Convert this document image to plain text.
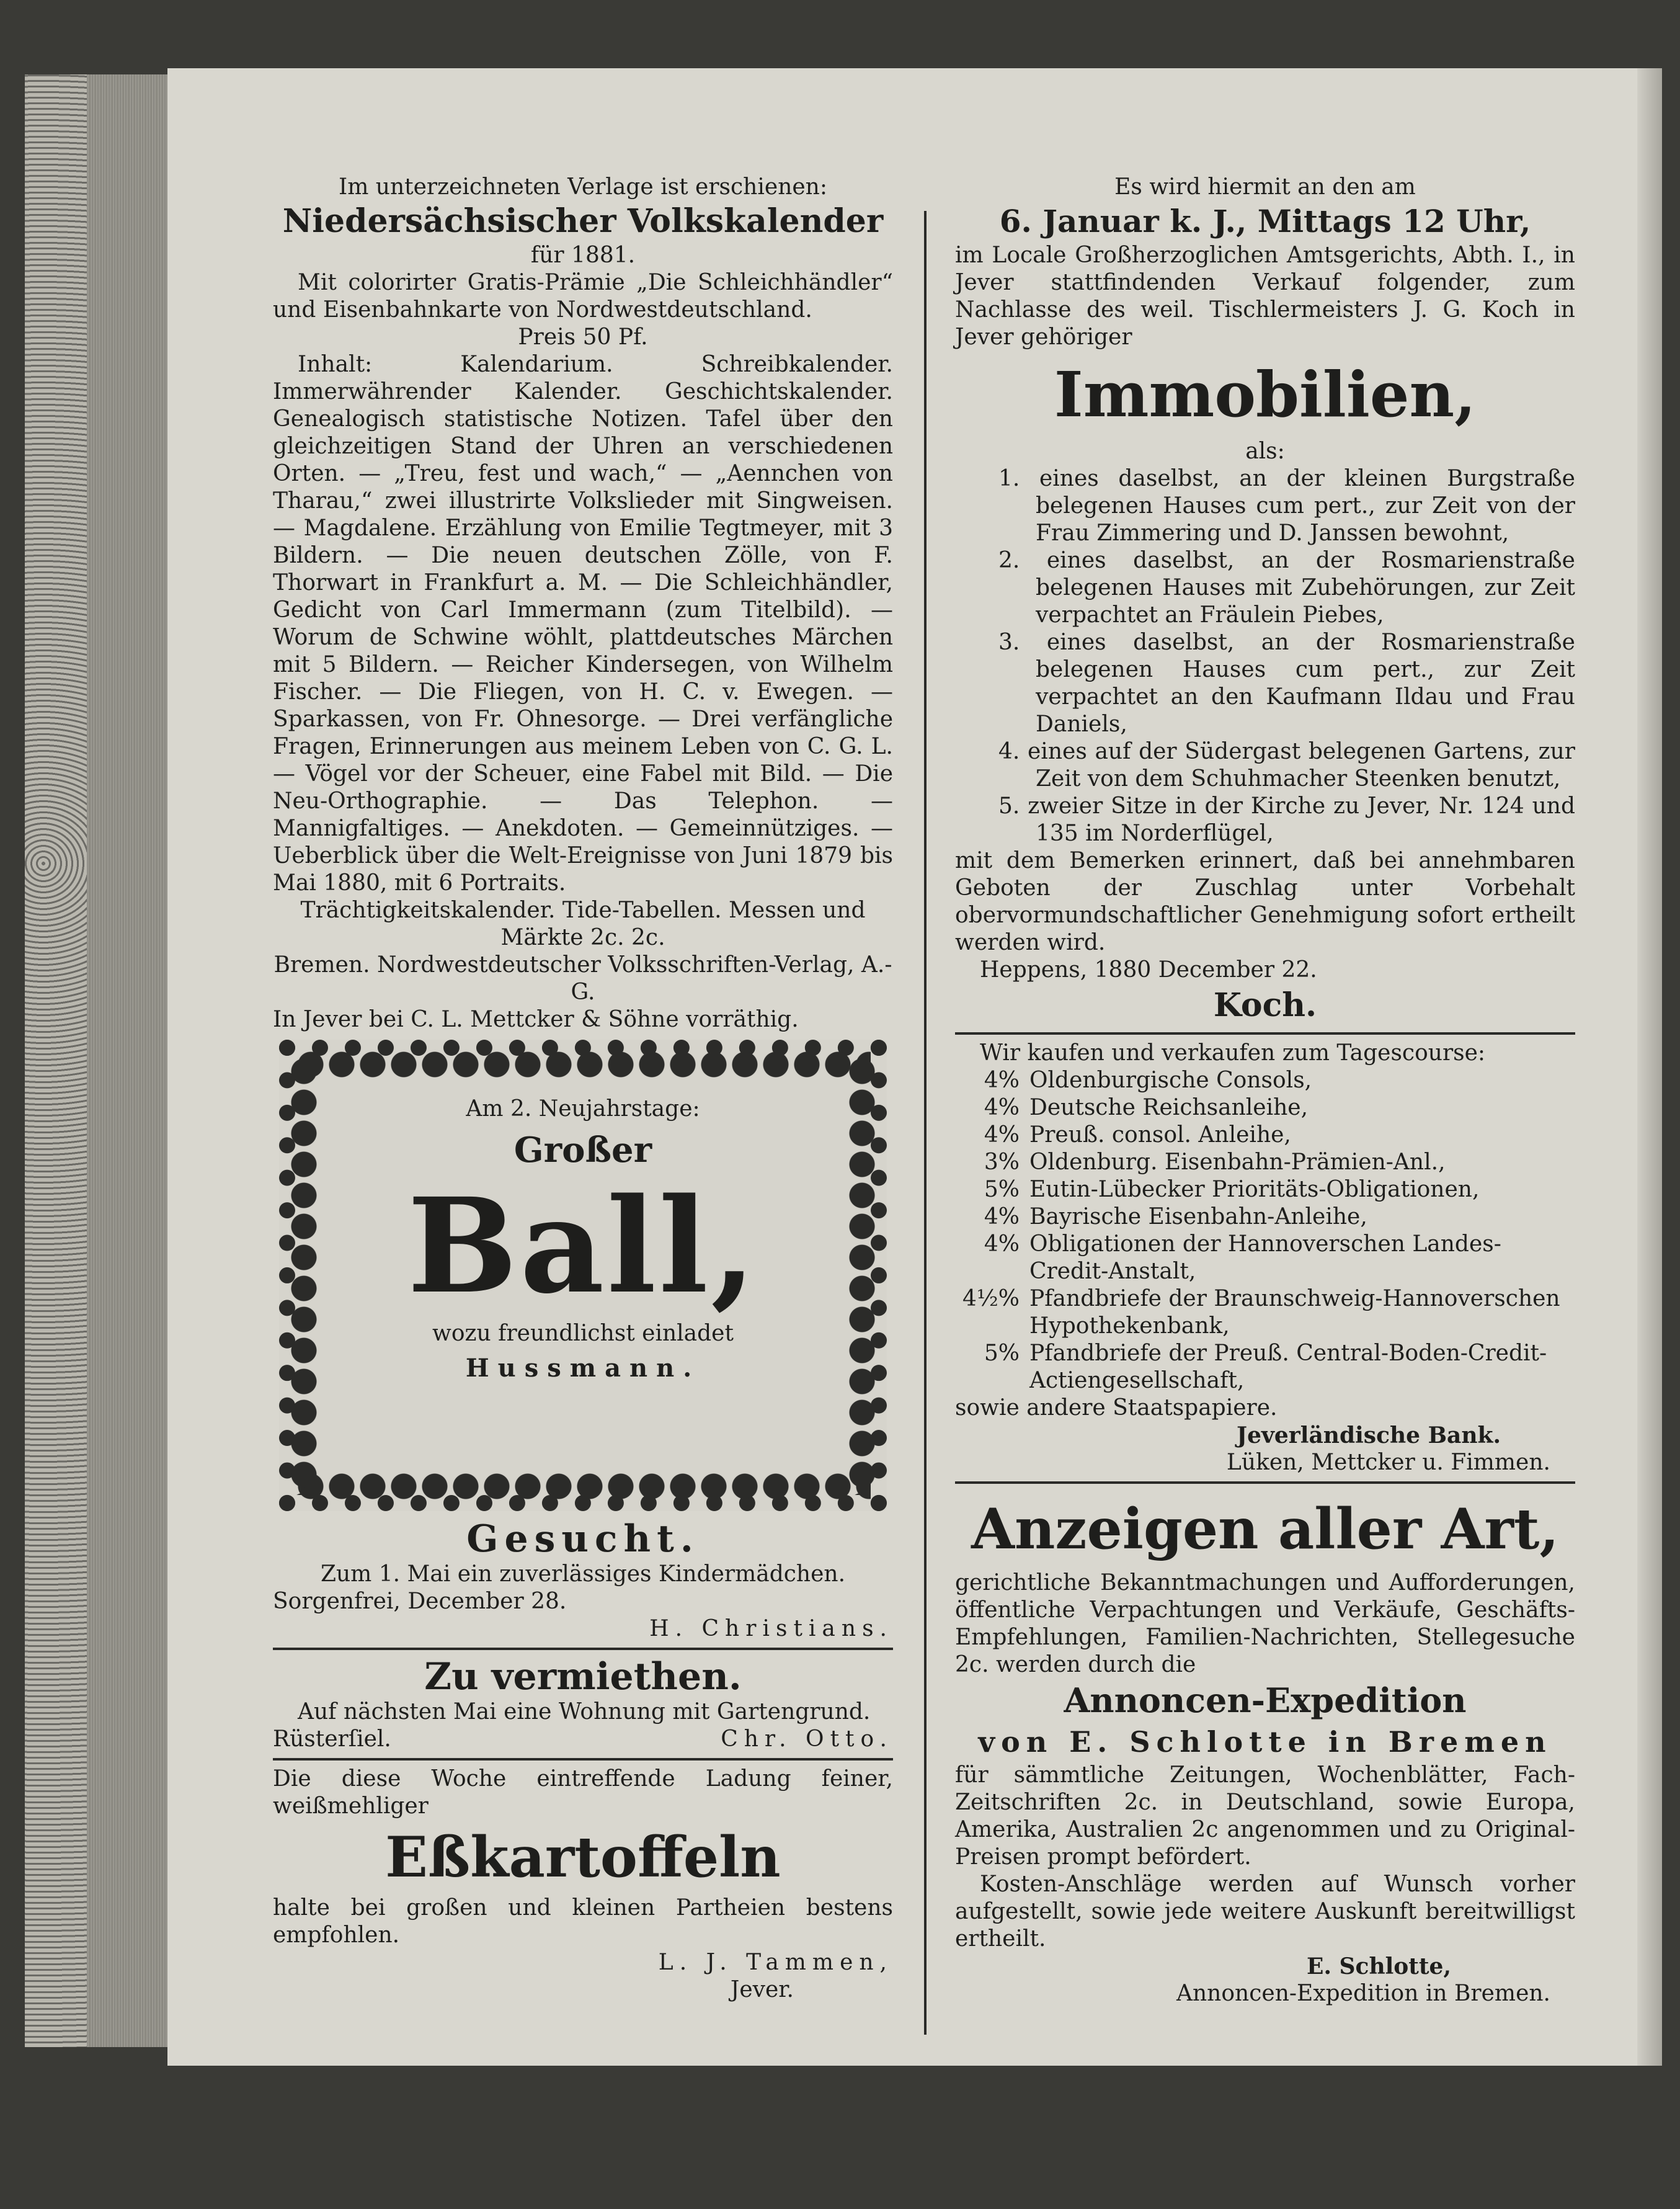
Im unterzeichneten Verlage ist erschienen:
Niedersächsischer Volkskalender
für 1881.
Mit colorirter Gratis-Prämie „Die Schleichhändler“ und Eisenbahnkarte von Nordwestdeutschland.
Preis 50 Pf.
Inhalt: Kalendarium. Schreibkalender. Immerwährender Kalender. Geschichtskalender. Genealogisch statistische Notizen. Tafel über den gleichzeitigen Stand der Uhren an verschiedenen Orten. — „Treu, fest und wach,“ — „Aennchen von Tharau,“ zwei illustrirte Volkslieder mit Singweisen. — Magdalene. Erzählung von Emilie Tegtmeyer, mit 3 Bildern. — Die neuen deutschen Zölle, von F. Thorwart in Frankfurt a. M. — Die Schleichhändler, Gedicht von Carl Immermann (zum Titelbild). — Worum de Schwine wöhlt, plattdeutsches Märchen mit 5 Bildern. — Reicher Kindersegen, von Wilhelm Fischer. — Die Fliegen, von H. C. v. Ewegen. — Sparkassen, von Fr. Ohnesorge. — Drei verfängliche Fragen, Erinnerungen aus meinem Leben von C. G. L. — Vögel vor der Scheuer, eine Fabel mit Bild. — Die Neu-Orthographie. — Das Telephon. — Mannigfaltiges. — Anekdoten. — Gemeinnütziges. — Ueberblick über die Welt-Ereignisse von Juni 1879 bis Mai 1880, mit 6 Portraits.
Trächtigkeitskalender. Tide-Tabellen. Messen und Märkte 2c. 2c.
Bremen. Nordwestdeutscher Volksschriften-Verlag, A.-G.
In Jever bei C. L. Mettcker & Söhne vorräthig.
Am 2. Neujahrstage:
Großer
Ball,
wozu freundlichst einladet
Hussmann.
Gesucht.
Zum 1. Mai ein zuverlässiges Kindermädchen.
Sorgenfrei, December 28.
H. Christians.
Zu vermiethen.
Auf nächsten Mai eine Wohnung mit Gartengrund.
Rüsterſiel.	Chr. Otto.
Die diese Woche eintreffende Ladung feiner, weißmehliger
Eßkartoffeln
halte bei großen und kleinen Partheien bestens empfohlen.
L. J. Tammen,
Jever.
Es wird hiermit an den am
6. Januar k. J., Mittags 12 Uhr,
im Locale Großherzoglichen Amtsgerichts, Abth. I., in Jever stattfindenden Verkauf folgender, zum Nachlasse des weil. Tischlermeisters J. G. Koch in Jever gehöriger
Immobilien,
als:
1. eines daselbst, an der kleinen Burgstraße belegenen Hauses cum pert., zur Zeit von der Frau Zimmering und D. Janssen bewohnt,
2. eines daselbst, an der Rosmarienstraße belegenen Hauses mit Zubehörungen, zur Zeit verpachtet an Fräulein Piebes,
3. eines daselbst, an der Rosmarienstraße belegenen Hauses cum pert., zur Zeit verpachtet an den Kaufmann Ildau und Frau Daniels,
4. eines auf der Südergast belegenen Gartens, zur Zeit von dem Schuhmacher Steenken benutzt,
5. zweier Sitze in der Kirche zu Jever, Nr. 124 und 135 im Norderflügel,
mit dem Bemerken erinnert, daß bei annehmbaren Geboten der Zuschlag unter Vorbehalt obervormundschaftlicher Genehmigung sofort ertheilt werden wird.
Heppens, 1880 December 22.
Koch.
Wir kaufen und verkaufen zum Tagescourse:
4% Oldenburgische Consols,
4% Deutsche Reichsanleihe,
4% Preuß. consol. Anleihe,
3% Oldenburg. Eisenbahn-Prämien-Anl.,
5% Eutin-Lübecker Prioritäts-Obligationen,
4% Bayrische Eisenbahn-Anleihe,
4% Obligationen der Hannoverschen Landes-Credit-Anstalt,
4½% Pfandbriefe der Braunschweig-Hannoverschen Hypothekenbank,
5% Pfandbriefe der Preuß. Central-Boden-Credit-Actiengesellschaft,
sowie andere Staatspapiere.
Jeverländische Bank.
Lüken, Mettcker u. Fimmen.
Anzeigen aller Art,
gerichtliche Bekanntmachungen und Aufforderungen, öffentliche Verpachtungen und Verkäufe, Geschäfts-Empfehlungen, Familien-Nachrichten, Stellegesuche 2c. werden durch die
Annoncen-Expedition
von E. Schlotte in Bremen
für sämmtliche Zeitungen, Wochenblätter, Fach-Zeitschriften 2c. in Deutschland, sowie Europa, Amerika, Australien 2c angenommen und zu Original-Preisen prompt befördert.
Kosten-Anschläge werden auf Wunsch vorher aufgestellt, sowie jede weitere Auskunft bereitwilligst ertheilt.
E. Schlotte,
Annoncen-Expedition in Bremen.
